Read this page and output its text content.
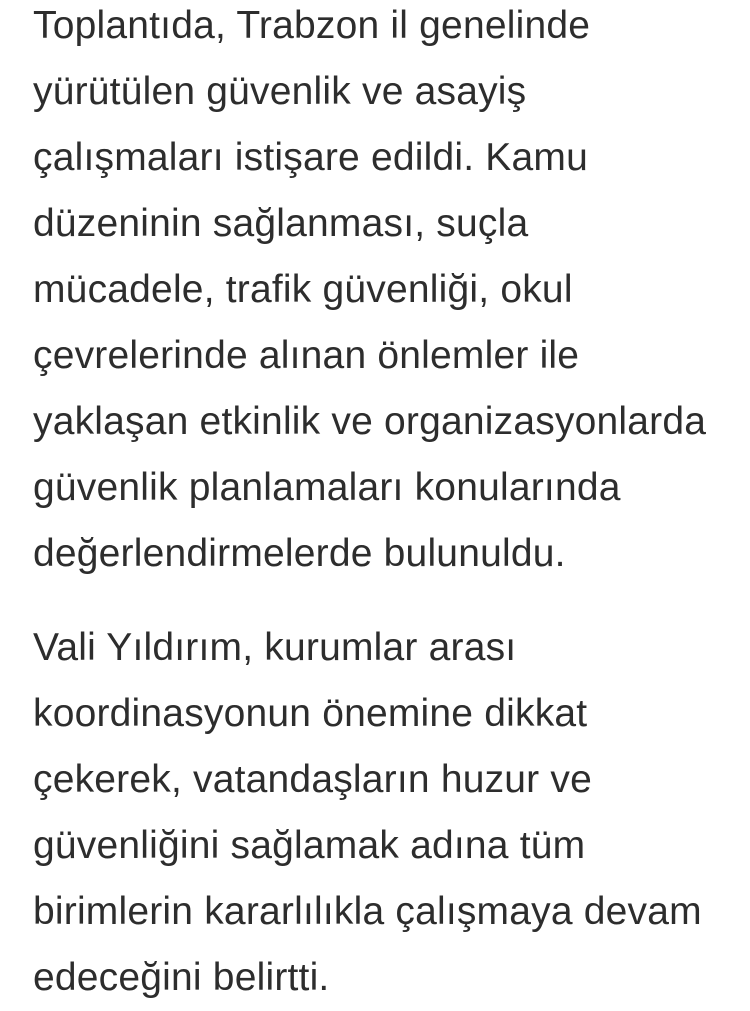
Toplantıda, Trabzon il genelinde
yürütülen güvenlik ve asayiş
çalışmaları istişare edildi. Kamu
düzeninin sağlanması, suçla
mücadele, trafik güvenliği, okul
çevrelerinde alınan önlemler ile
yaklaşan etkinlik ve organizasyonlarda
güvenlik planlamaları konularında
değerlendirmelerde bulunuldu.
Vali Yıldırım, kurumlar arası
koordinasyonun önemine dikkat
çekerek, vatandaşların huzur ve
güvenliğini sağlamak adına tüm
birimlerin kararlılıkla çalışmaya devam
edeceğini belirtti.
